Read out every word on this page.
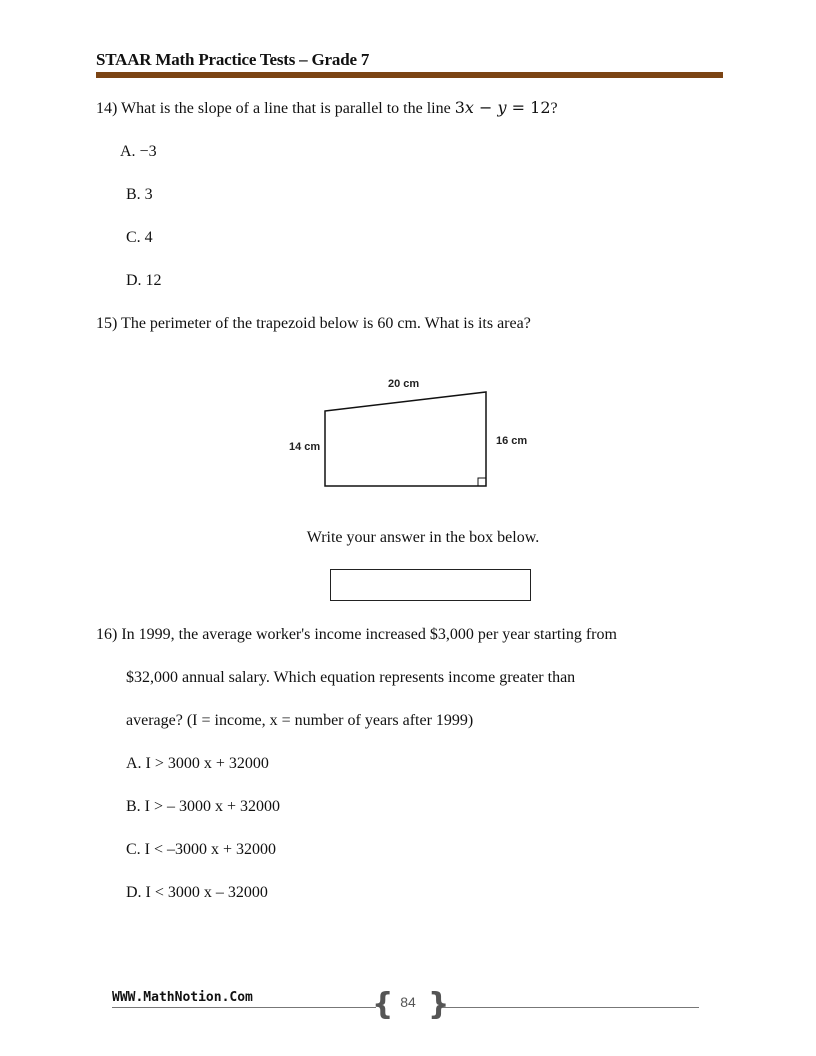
STAAR Math Practice Tests – Grade 7
14) What is the slope of a line that is parallel to the line 3x − y = 12?
A. −3
B. 3
C. 4
D. 12
15) The perimeter of the trapezoid below is 60 cm. What is its area?
20 cm
14 cm	16 cm
Write your answer in the box below.
16) In 1999, the average worker's income increased $3,000 per year starting from
$32,000 annual salary. Which equation represents income greater than
average? (I = income, x = number of years after 1999)
A. I > 3000 x + 32000
B. I > – 3000 x + 32000
C. I < –3000 x + 32000
D. I < 3000 x – 32000
WWW.MathNotion.Com	{ 84 }
